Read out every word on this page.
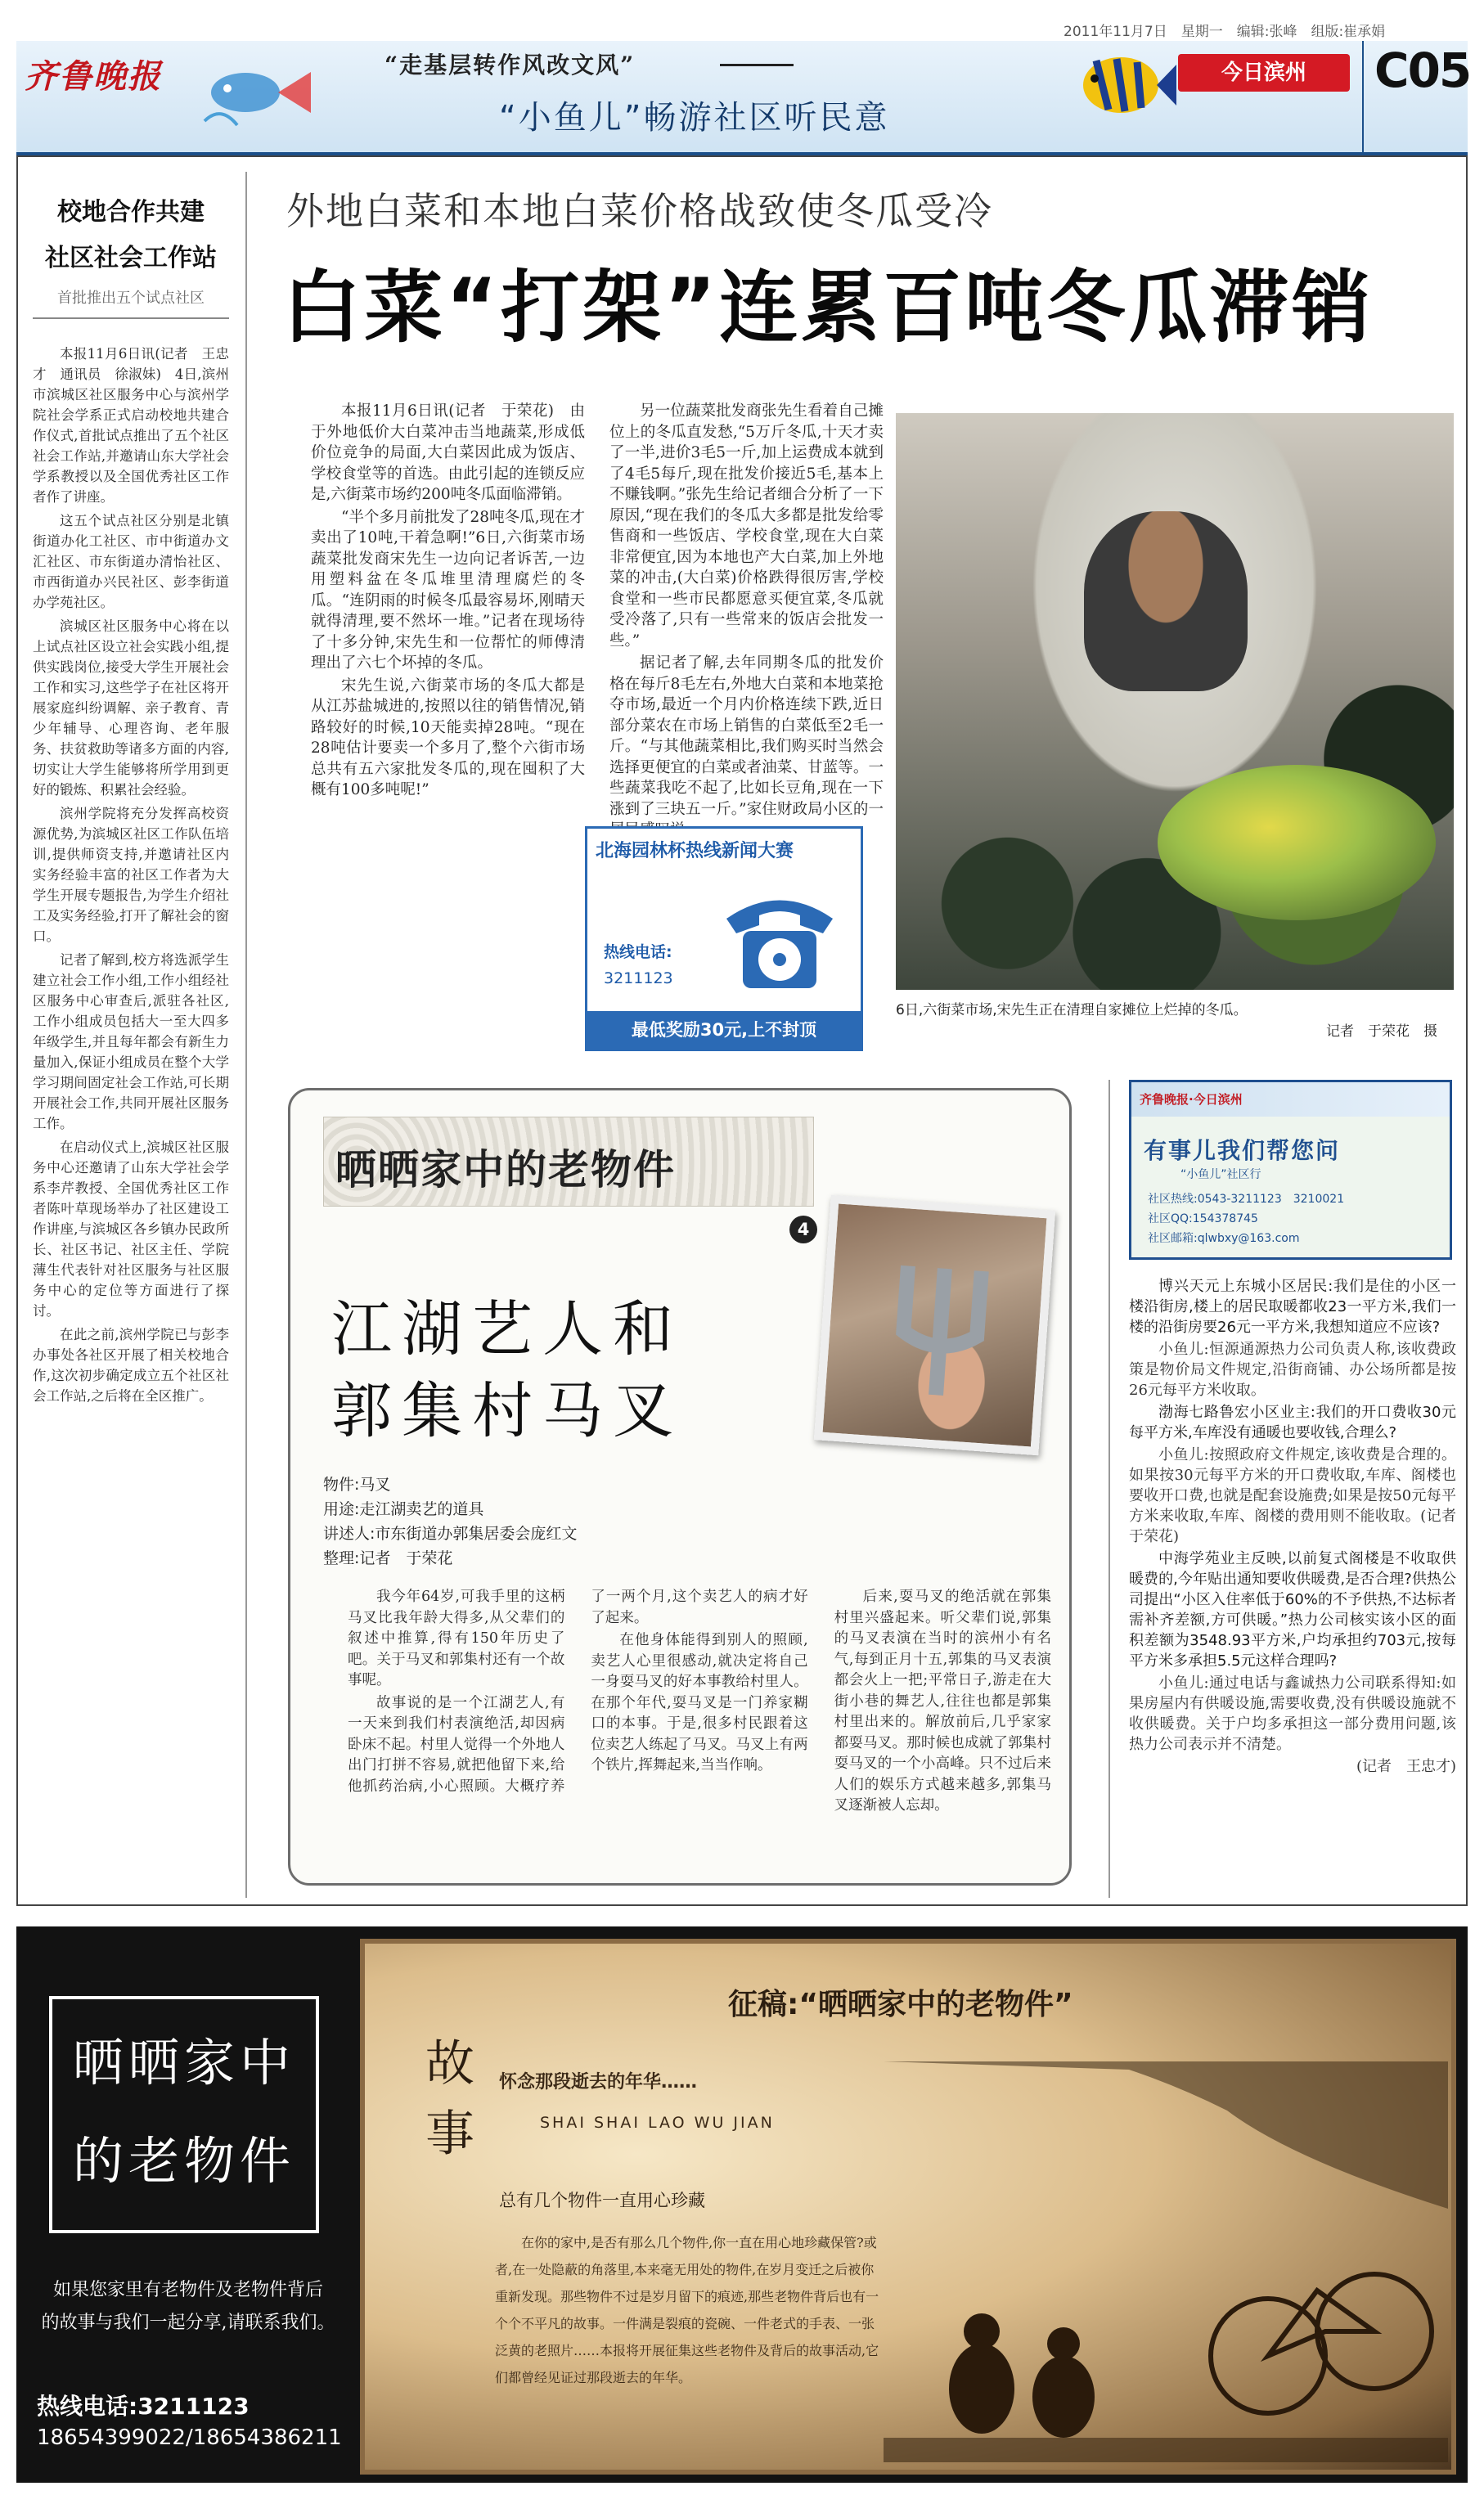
2011年11月7日　星期一　编辑:张峰　组版:崔承娟
齐鲁晚报	“走基层转作风改文风”
“小鱼儿”畅游社区听民意
今日滨州	C05
校地合作共建
社区社会工作站
首批推出五个试点社区

本报11月6日讯(记者　王忠才　通讯员　徐淑妹)　4日,滨州市滨城区社区服务中心与滨州学院社会学系正式启动校地共建合作仪式,首批试点推出了五个社区社会工作站,并邀请山东大学社会学系教授以及全国优秀社区工作者作了讲座。

这五个试点社区分别是北镇街道办化工社区、市中街道办文汇社区、市东街道办清怡社区、市西街道办兴民社区、彭李街道办学苑社区。

滨城区社区服务中心将在以上试点社区设立社会实践小组,提供实践岗位,接受大学生开展社会工作和实习,这些学子在社区将开展家庭纠纷调解、亲子教育、青少年辅导、心理咨询、老年服务、扶贫救助等诸多方面的内容,切实让大学生能够将所学用到更好的锻炼、积累社会经验。

滨州学院将充分发挥高校资源优势,为滨城区社区工作队伍培训,提供师资支持,并邀请社区内实务经验丰富的社区工作者为大学生开展专题报告,为学生介绍社工及实务经验,打开了解社会的窗口。

记者了解到,校方将选派学生建立社会工作小组,工作小组经社区服务中心审查后,派驻各社区,工作小组成员包括大一至大四多年级学生,并且每年都会有新生力量加入,保证小组成员在整个大学学习期间固定社会工作站,可长期开展社会工作,共同开展社区服务工作。

在启动仪式上,滨城区社区服务中心还邀请了山东大学社会学系李芹教授、全国优秀社区工作者陈叶草现场举办了社区建设工作讲座,与滨城区各乡镇办民政所长、社区书记、社区主任、学院薄生代表针对社区服务与社区服务中心的定位等方面进行了探讨。

在此之前,滨州学院已与彭李办事处各社区开展了相关校地合作,这次初步确定成立五个社区社会工作站,之后将在全区推广。

外地白菜和本地白菜价格战致使冬瓜受冷
白菜“打架”连累百吨冬瓜滞销

本报11月6日讯(记者　于荣花)　由于外地低价大白菜冲击当地蔬菜,形成低价位竞争的局面,大白菜因此成为饭店、学校食堂等的首选。由此引起的连锁反应是,六街菜市场约200吨冬瓜面临滞销。

“半个多月前批发了28吨冬瓜,现在才卖出了10吨,干着急啊!”6日,六街菜市场蔬菜批发商宋先生一边向记者诉苦,一边用塑料盆在冬瓜堆里清理腐烂的冬瓜。“连阴雨的时候冬瓜最容易坏,刚晴天就得清理,要不然坏一堆。”记者在现场待了十多分钟,宋先生和一位帮忙的师傅清理出了六七个坏掉的冬瓜。

宋先生说,六街菜市场的冬瓜大都是从江苏盐城进的,按照以往的销售情况,销路较好的时候,10天能卖掉28吨。“现在28吨估计要卖一个多月了,整个六街市场总共有五六家批发冬瓜的,现在囤积了大概有100多吨呢!”

另一位蔬菜批发商张先生看着自己摊位上的冬瓜直发愁,“5万斤冬瓜,十天才卖了一半,进价3毛5一斤,加上运费成本就到了4毛5每斤,现在批发价接近5毛,基本上不赚钱啊。”张先生给记者细合分析了一下原因,“现在我们的冬瓜大多都是批发给零售商和一些饭店、学校食堂,现在大白菜非常便宜,因为本地也产大白菜,加上外地菜的冲击,(大白菜)价格跌得很厉害,学校食堂和一些市民都愿意买便宜菜,冬瓜就受冷落了,只有一些常来的饭店会批发一些。”

据记者了解,去年同期冬瓜的批发价格在每斤8毛左右,外地大白菜和本地菜抢夺市场,最近一个月内价格连续下跌,近日部分菜农在市场上销售的白菜低至2毛一斤。“与其他蔬菜相比,我们购买时当然会选择更便宜的白菜或者油菜、甘蓝等。一些蔬菜我吃不起了,比如长豆角,现在一下涨到了三块五一斤。”家住财政局小区的一

6日,六街菜市场,宋先生正在清理自家摊位上烂掉的冬瓜。
记者　于荣花　摄
北海园林杯热线新闻大赛
热线电话:
3211123
最低奖励30元,上不封顶
晒晒家中的老物件
4
江湖艺人和
郭集村马叉
物件:马叉
用途:走江湖卖艺的道具
讲述人:市东街道办郭集居委会庞红文
整理:记者　于荣花

我今年64岁,可我手里的这柄马叉比我年龄大得多,从父辈们的叙述中推算,得有150年历史了吧。关于马叉和郭集村还有一个故事呢。

故事说的是一个江湖艺人,有一天来到我们村表演绝活,却因病卧床不起。村里人觉得一个外地人出门打拼不容易,就把他留下来,给他抓药治病,小心照顾。大概疗养了一两个月,这个卖艺人的病才好了起来。

在他身体能得到别人的照顾,卖艺人心里很感动,就决定将自己一身耍马叉的好本事教给村里人。在那个年代,耍马叉是一门养家糊口的本事。于是,很多村民跟着这位卖艺人练起了马叉。马叉上有两个铁片,挥舞起来,当当作响。

后来,耍马叉的绝活就在郭集村里兴盛起来。听父辈们说,郭集的马叉表演在当时的滨州小有名气,每到正月十五,郭集的马叉表演都会火上一把;平常日子,游走在大街小巷的舞艺人,往往也都是郭集村里出来的。解放前后,几乎家家都耍马叉。那时候也成就了郭集村耍马叉的一个小高峰。只不过后来人们的娱乐方式越来越多,郭集马叉逐渐被人忘却。

齐鲁晚报·今日滨州
有事儿我们帮您问
“小鱼儿”社区行
社区热线:0543-3211123　3210021
社区QQ:154378745
社区邮箱:qlwbxy@163.com

博兴天元上东城小区居民:我们是住的小区一楼沿街房,楼上的居民取暖都收23一平方米,我们一楼的沿街房要26元一平方米,我想知道应不应该?

小鱼儿:恒源通源热力公司负责人称,该收费政策是物价局文件规定,沿街商铺、办公场所都是按26元每平方米收取。

渤海七路鲁宏小区业主:我们的开口费收30元每平方米,车库没有通暖也要收钱,合理么?

小鱼儿:按照政府文件规定,该收费是合理的。如果按30元每平方米的开口费收取,车库、阁楼也要收开口费,也就是配套设施费;如果是按50元每平方米来收取,车库、阁楼的费用则不能收取。(记者　于荣花)

中海学苑业主反映,以前复式阁楼是不收取供暖费的,今年贴出通知要收供暖费,是否合理?供热公司提出“小区入住率低于60%的不予供热,不达标者需补齐差额,方可供暖。”热力公司核实该小区的面积差额为3548.93平方米,户均承担约703元,按每平方米多承担5.5元这样合理吗?

小鱼儿:通过电话与鑫诚热力公司联系得知:如果房屋内有供暖设施,需要收费,没有供暖设施就不收供暖费。关于户均多承担这一部分费用问题,该热力公司表示并不清楚。

(记者　王忠才)

晒晒家中
的老物件
如果您家里有老物件及老物件背后
的故事与我们一起分享,请联系我们。
热线电话:3211123
18654399022/18654386211
征稿:“晒晒家中的老物件”
故
事
怀念那段逝去的年华……
SHAI SHAI LAO WU JIAN
总有几个物件一直用心珍藏
在你的家中,是否有那么几个物件,你一直在用心地珍藏保管?或者,在一处隐蔽的角落里,本来毫无用处的物件,在岁月变迁之后被你重新发现。那些物件不过是岁月留下的痕迹,那些老物件背后也有一个个不平凡的故事。一件满是裂痕的瓷碗、一件老式的手表、一张泛黄的老照片……本报将开展征集这些老物件及背后的故事活动,它们都曾经见证过那段逝去的年华。
